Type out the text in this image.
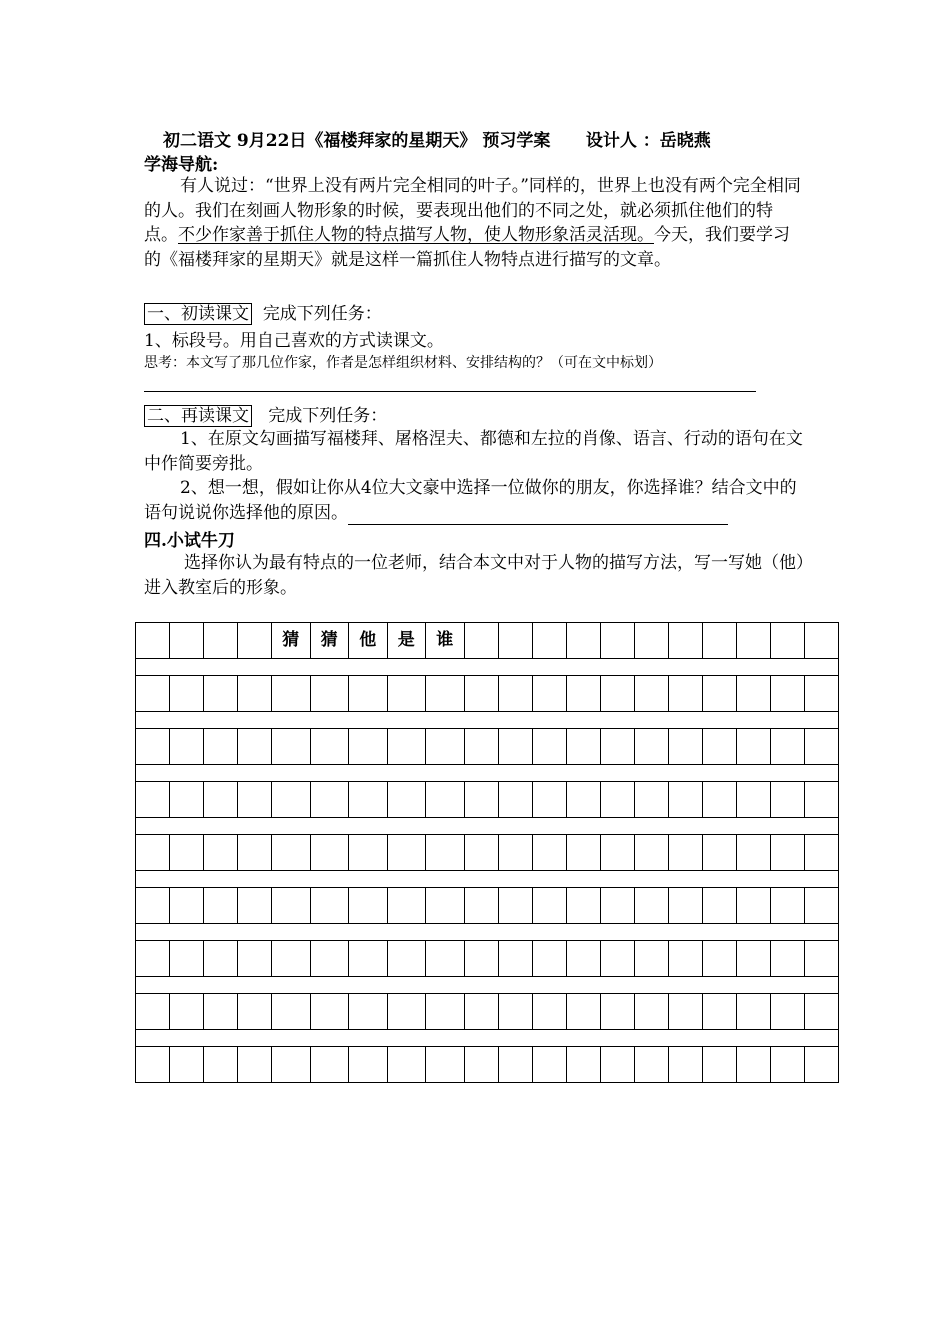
初二语文 9月22日《福楼拜家的星期天》 预习学案 设计人 ：岳晓燕
学海导航:
有人说过：“世界上没有两片完全相同的叶子。”同样的，世界上也没有两个完全相同的人。我们在刻画人物形象的时候，要表现出他们的不同之处，就必须抓住他们的特点。不少作家善于抓住人物的特点描写人物，使人物形象活灵活现。今天，我们要学习的《福楼拜家的星期天》就是这样一篇抓住人物特点进行描写的文章。
一、初读课文 完成下列任务：
1、标段号。用自己喜欢的方式读课文。
思考：本文写了那几位作家，作者是怎样组织材料、安排结构的？（可在文中标划）
二、再读课文 完成下列任务：
1、在原文勾画描写福楼拜、屠格涅夫、都德和左拉的肖像、语言、行动的语句在文中作简要旁批。
2、想一想，假如让你从4位大文豪中选择一位做你的朋友，你选择谁？结合文中的语句说说你选择他的原因。
四.小试牛刀
选择你认为最有特点的一位老师，结合本文中对于人物的描写方法，写一写她（他）进入教室后的形象。

				猜	猜	他	是	谁											
